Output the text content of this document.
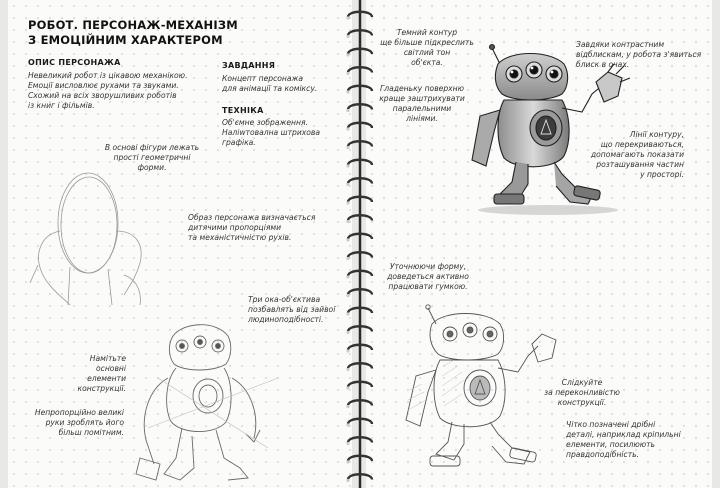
РОБОТ. ПЕРСОНАЖ-МЕХАНІЗМ
З ЕМОЦІЙНИМ ХАРАКТЕРОМ
ОПИС ПЕРСОНАЖА
Невеликий робот із цікавою механікою.
Емоції висловлює рухами та звуками.
Схожий на всіх зворушливих роботів
із книг і фільмів.
ЗАВДАННЯ
Концепт персонажа
для анімації та коміксу.
ТЕХНІКА
Об'ємне зображення.
Наліwтовална штрихова
графіка.
В основі фігури лежать
прості геометричні
форми.
Образ персонажа визначається
дитячими пропорціями
та механістичністю рухів.
Три ока-об'єктива
позбавлять від зайвої
людиноподібності.
Намітьте
основні елементи
конструкції.
Непропорційно великі
руки зроблять його
більш помітним.
Темний контур
ще більше підкреслить
світлий тон
об'єкта.
Гладеньку поверхню
краще заштрихувати
паралельними
лініями.
Завдяки контрастним
відблискам, у робота з'явиться
блиск в очах.
Лінії контуру,
що перекриваються,
допомагають показати
розташування частин
у просторі.
Уточнюючи форму,
доведеться активно
працювати гумкою.
Слідкуйте
за переконливістю
конструкції.
Чітко позначені дрібні
деталі, наприклад кріпильні
елементи, посилюють
правдоподібність.
